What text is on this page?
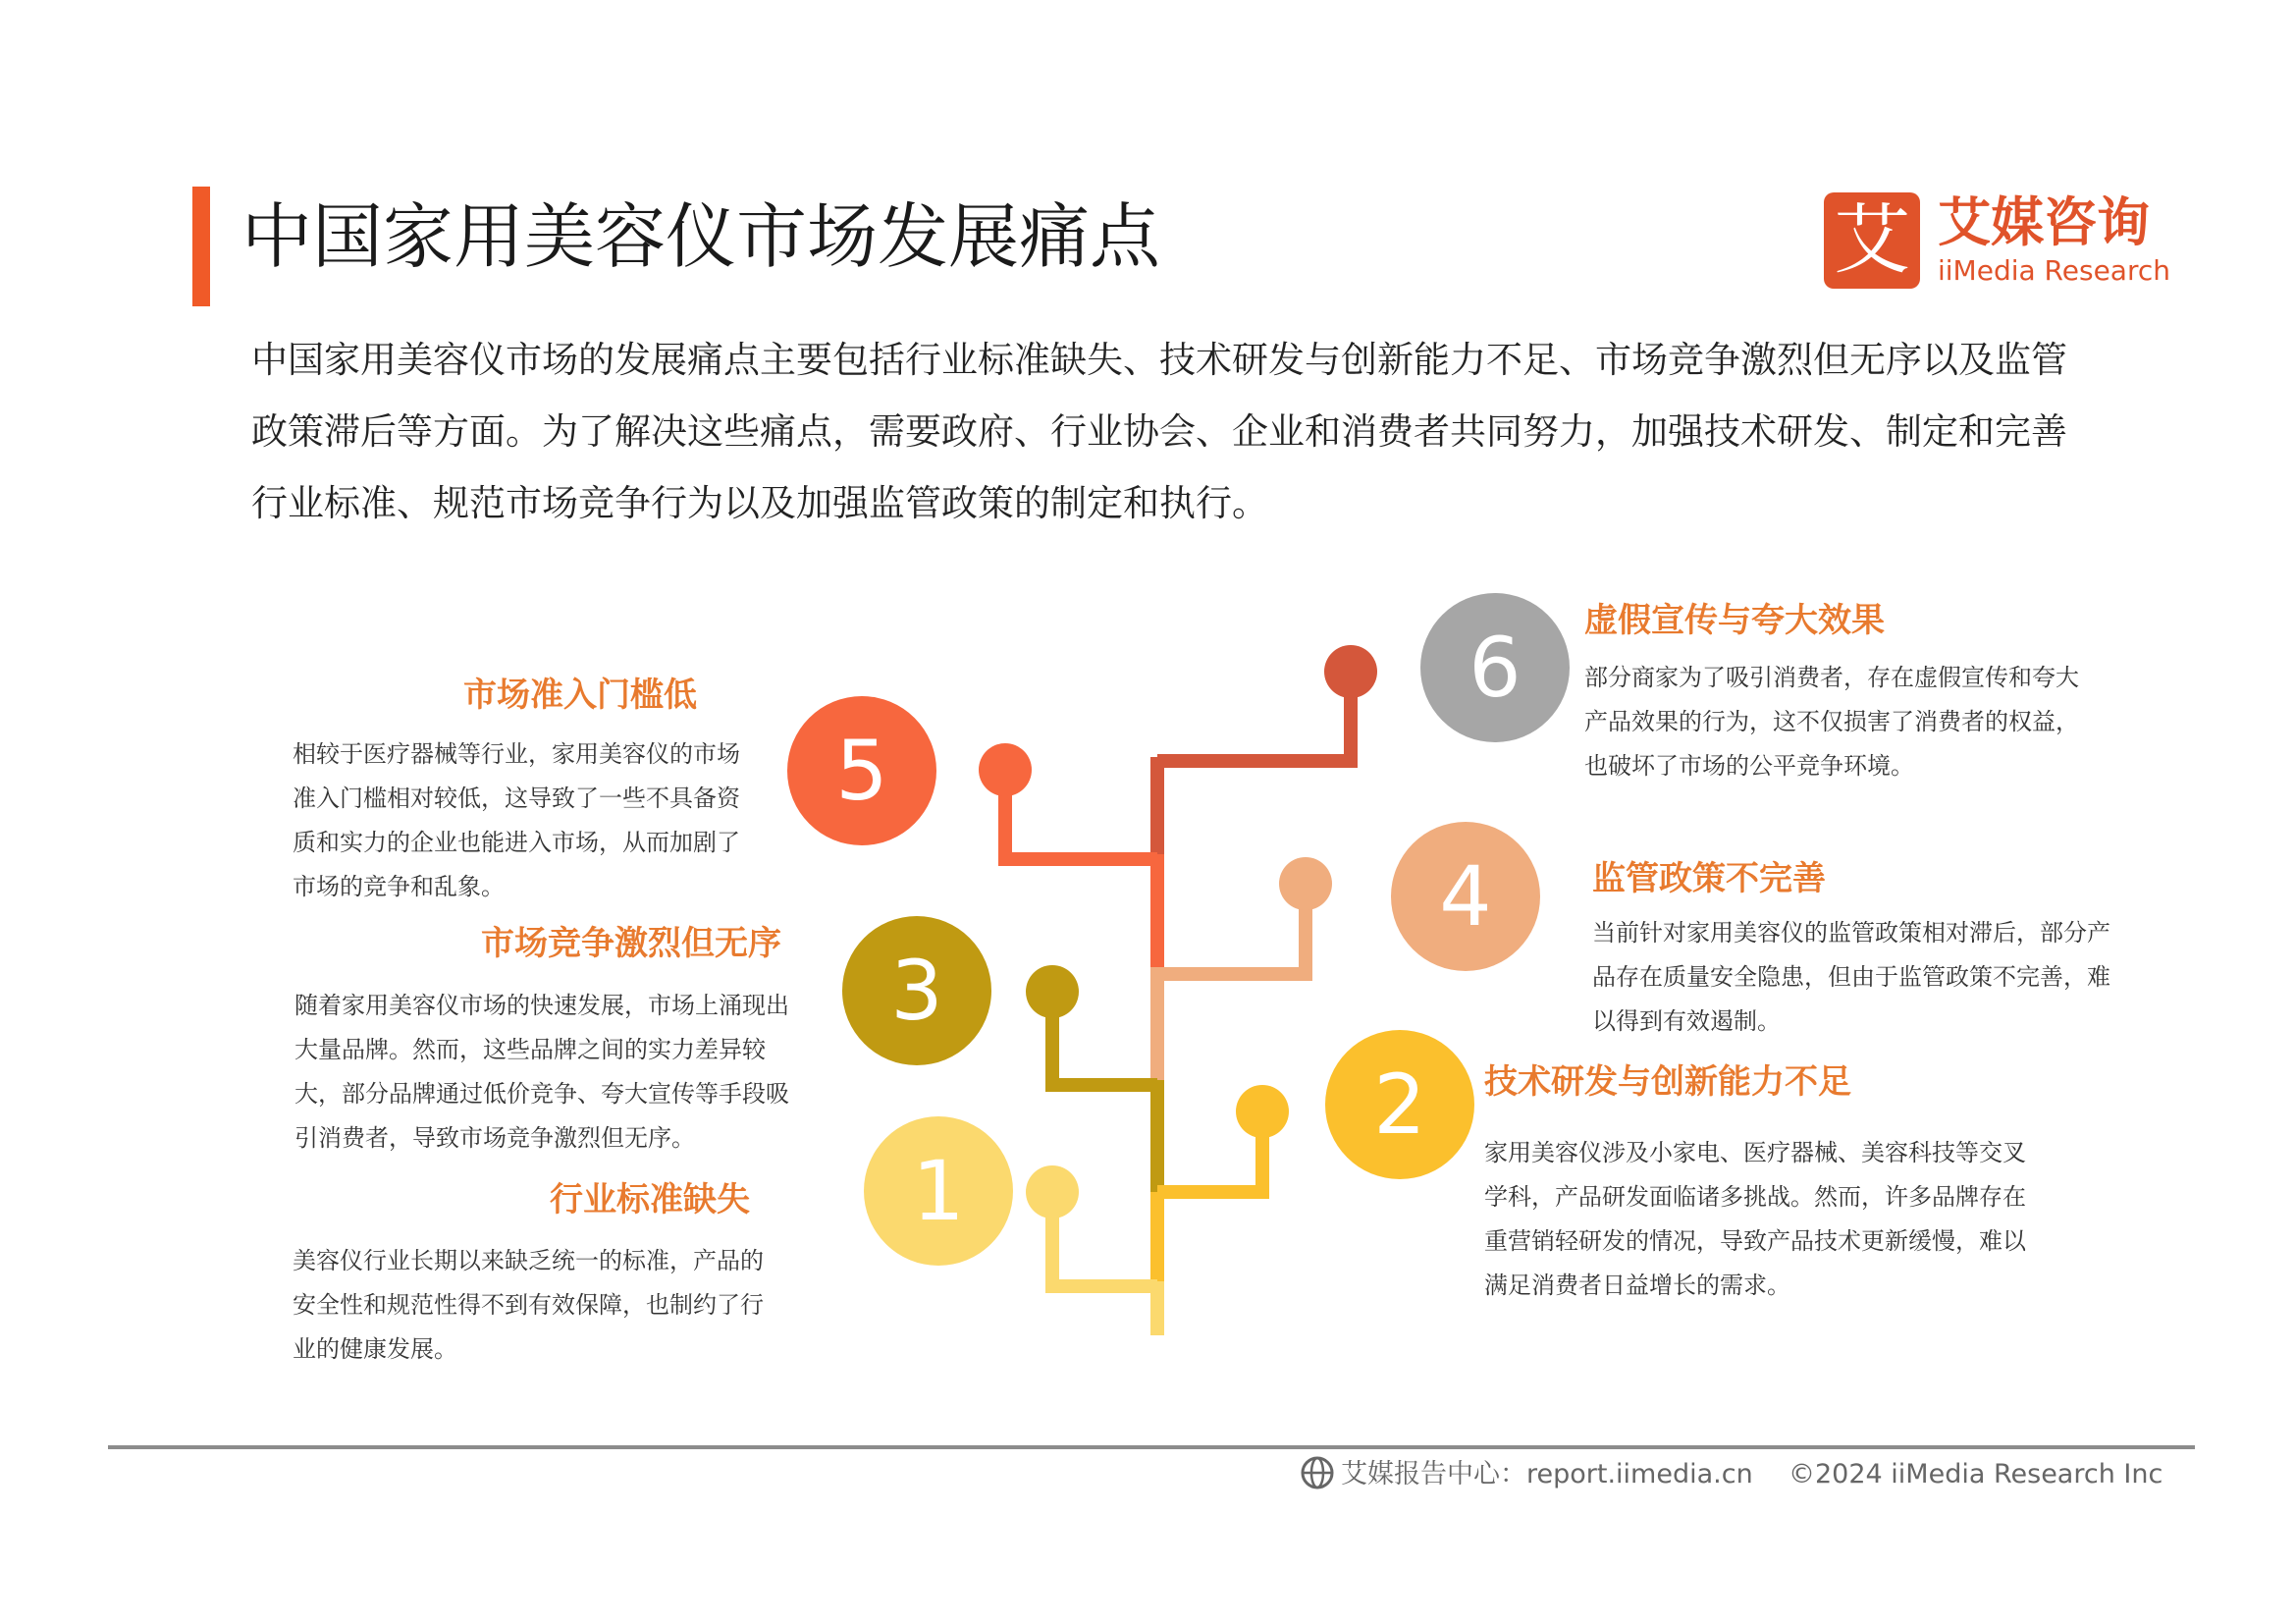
中国家用美容仪市场发展痛点	艾 艾媒咨询
iiMedia Research
中国家用美容仪市场的发展痛点主要包括行业标准缺失、技术研发与创新能力不足、市场竞争激烈但无序以及监管政策滞后等方面。为了解决这些痛点，需要政府、行业协会、企业和消费者共同努力，加强技术研发、制定和完善行业标准、规范市场竞争行为以及加强监管政策的制定和执行。
1
2
3
4
5
6
市场准入门槛低
相较于医疗器械等行业，家用美容仪的市场准入门槛相对较低，这导致了一些不具备资质和实力的企业也能进入市场，从而加剧了市场的竞争和乱象。
市场竞争激烈但无序
随着家用美容仪市场的快速发展，市场上涌现出大量品牌。然而，这些品牌之间的实力差异较大，部分品牌通过低价竞争、夸大宣传等手段吸引消费者，导致市场竞争激烈但无序。
行业标准缺失
美容仪行业长期以来缺乏统一的标准，产品的安全性和规范性得不到有效保障，也制约了行业的健康发展。
虚假宣传与夸大效果
部分商家为了吸引消费者，存在虚假宣传和夸大产品效果的行为，这不仅损害了消费者的权益，也破坏了市场的公平竞争环境。
监管政策不完善
当前针对家用美容仪的监管政策相对滞后，部分产品存在质量安全隐患，但由于监管政策不完善，难以得到有效遏制。
技术研发与创新能力不足
家用美容仪涉及小家电、医疗器械、美容科技等交叉学科，产品研发面临诸多挑战。然而，许多品牌存在重营销轻研发的情况，导致产品技术更新缓慢，难以满足消费者日益增长的需求。
艾媒报告中心：report.iimedia.cn ©2024 iiMedia Research Inc
